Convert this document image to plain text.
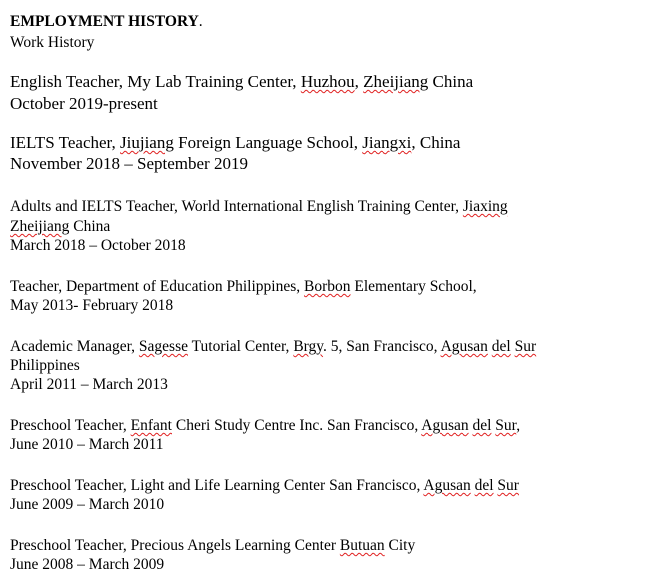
EMPLOYMENT HISTORY.
Work History
English Teacher, My Lab Training Center, Huzhou, Zheijiang China
October 2019-present
IELTS Teacher, Jiujiang Foreign Language School, Jiangxi, China
November 2018 – September 2019
Adults and IELTS Teacher, World International English Training Center, Jiaxing
Zheijiang China
March 2018 – October 2018
Teacher, Department of Education Philippines, Borbon Elementary School,
May 2013- February 2018
Academic Manager, Sagesse Tutorial Center, Brgy. 5, San Francisco, Agusan del Sur
Philippines
April 2011 – March 2013
Preschool Teacher, Enfant Cheri Study Centre Inc. San Francisco, Agusan del Sur,
June 2010 – March 2011
Preschool Teacher, Light and Life Learning Center San Francisco, Agusan del Sur
June 2009 – March 2010
Preschool Teacher, Precious Angels Learning Center Butuan City
June 2008 – March 2009
